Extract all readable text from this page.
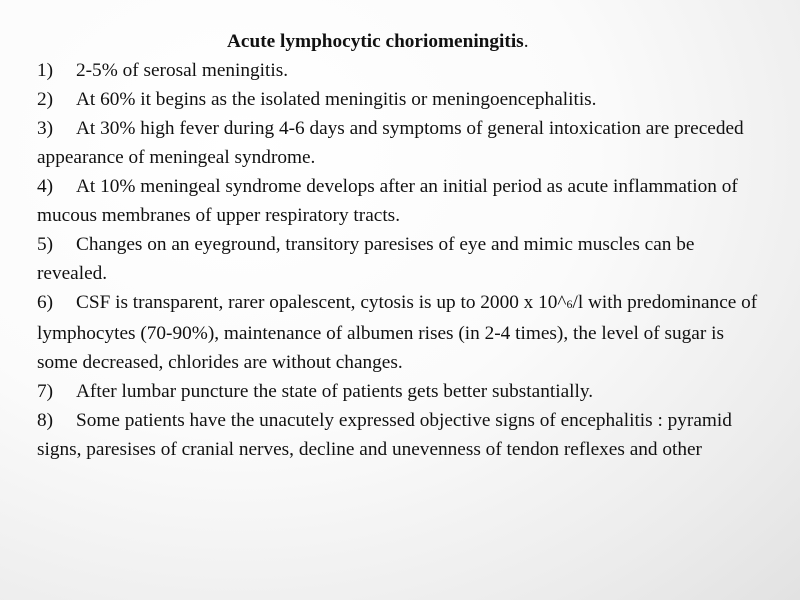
Acute lymphocytic choriomeningitis.
1) 2-5% of serosal meningitis.
2) At 60% it begins as the isolated meningitis or meningoencephalitis.
3) At 30% high fever during 4-6 days and symptoms of general intoxication are preceded appearance of meningeal syndrome.
4) At 10% meningeal syndrome develops after an initial period as acute inflammation of mucous membranes of upper respiratory tracts.
5) Changes on an eyeground, transitory paresises of eye and mimic muscles can be revealed.
6) CSF is transparent, rarer opalescent, cytosis is up to 2000 x 10^6/l with predominance of lymphocytes (70-90%), maintenance of albumen rises (in 2-4 times), the level of sugar is some decreased, chlorides are without changes.
7) After lumbar puncture the state of patients gets better substantially.
8) Some patients have the unacutely expressed objective signs of encephalitis : pyramid signs, paresises of cranial nerves, decline and unevenness of tendon reflexes and other
